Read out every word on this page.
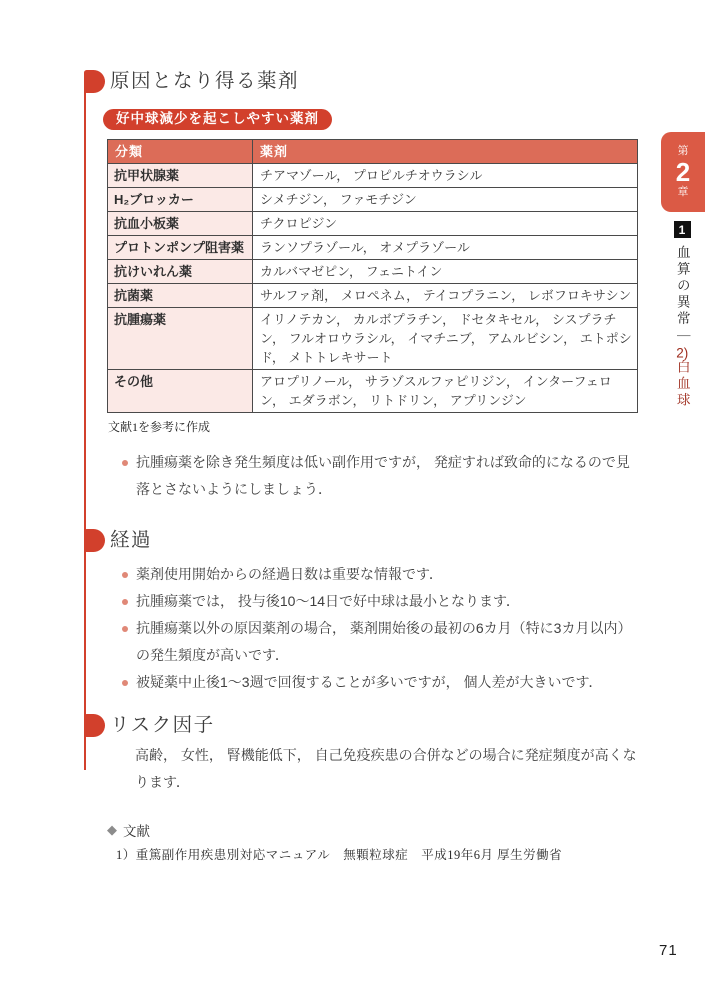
原因となり得る薬剤
好中球減少を起こしやすい薬剤
分類	薬剤
抗甲状腺薬	チアマゾール， プロピルチオウラシル
H₂ブロッカー	シメチジン， ファモチジン
抗血小板薬	チクロピジン
プロトンポンプ阻害薬	ランソプラゾール， オメプラゾール
抗けいれん薬	カルバマゼピン， フェニトイン
抗菌薬	サルファ剤， メロペネム， テイコプラニン， レボフロキサシン
抗腫瘍薬	イリノテカン， カルボプラチン， ドセタキセル， シスプラチン， フルオロウラシル， イマチニブ， アムルビシン， エトポシド， メトトレキサート
その他	アロプリノール， サラゾスルファピリジン， インターフェロン， エダラボン， リトドリン， アプリンジン
文献1を参考に作成
抗腫瘍薬を除き発生頻度は低い副作用ですが， 発症すれば致命的になるので見落とさないようにしましょう．
経過
薬剤使用開始からの経過日数は重要な情報です．
抗腫瘍薬では， 投与後10～14日で好中球は最小となります．
抗腫瘍薬以外の原因薬剤の場合， 薬剤開始後の最初の6カ月（特に3カ月以内）の発生頻度が高いです．
被疑薬中止後1～3週で回復することが多いですが， 個人差が大きいです．
リスク因子
高齢， 女性， 腎機能低下， 自己免疫疾患の合併などの場合に発症頻度が高くなります．
◆ 文献
1）重篤副作用疾患別対応マニュアル　無顆粒球症　平成19年6月 厚生労働省
第
2
章
1
血算の異常｜2)白血球
71
